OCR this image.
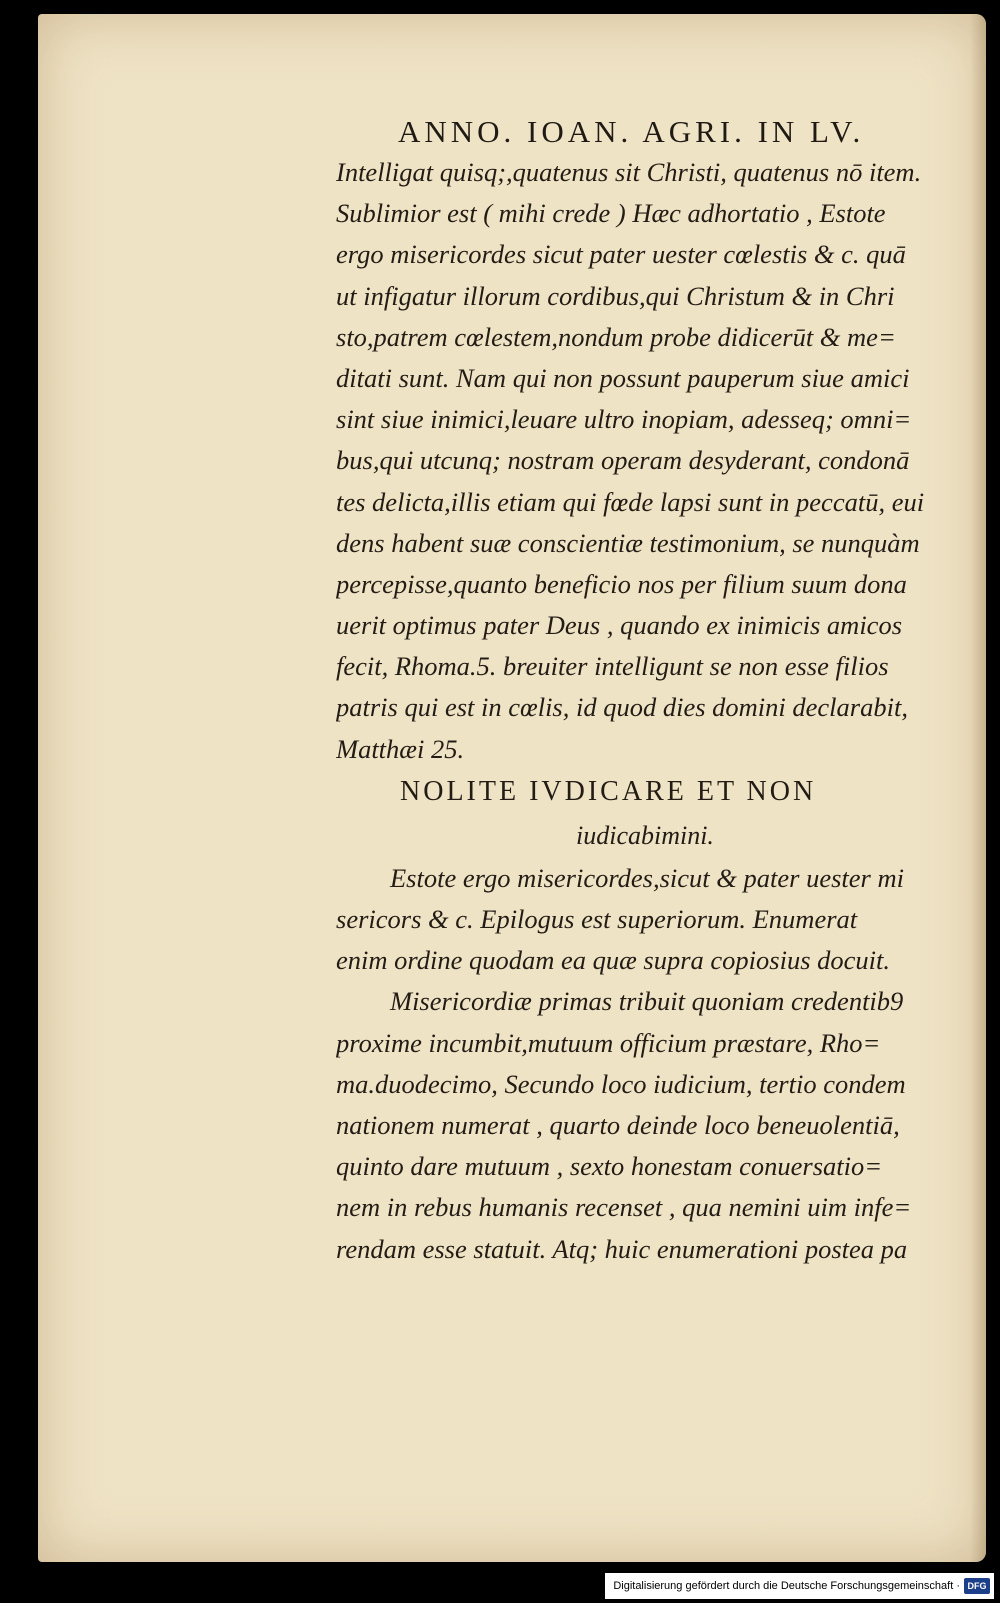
ANNO. IOAN. AGRI. IN LV.
Intelligat quisq;,quatenus sit Christi, quatenus nō item.
Sublimior est ( mihi crede ) Hæc adhortatio , Estote
ergo misericordes sicut pater uester cœlestis & c. quā
ut infigatur illorum cordibus,qui Christum & in Chri
sto,patrem cœlestem,nondum probe didicerūt & me=
ditati sunt. Nam qui non possunt pauperum siue amici
sint siue inimici,leuare ultro inopiam, adesseq; omni=
bus,qui utcunq; nostram operam desyderant, condonā
tes delicta,illis etiam qui fœde lapsi sunt in peccatū, eui
dens habent suæ conscientiæ testimonium, se nunquàm
percepisse,quanto beneficio nos per filium suum dona
uerit optimus pater Deus , quando ex inimicis amicos
fecit, Rhoma.5. breuiter intelligunt se non esse filios
patris qui est in cœlis, id quod dies domini declarabit,
Matthæi 25.
NOLITE IVDICARE ET NON
iudicabimini.
Estote ergo misericordes,sicut & pater uester mi
sericors & c. Epilogus est superiorum. Enumerat
enim ordine quodam ea quæ supra copiosius docuit.
Misericordiæ primas tribuit quoniam credentib9
proxime incumbit,mutuum officium præstare, Rho=
ma.duodecimo, Secundo loco iudicium, tertio condem
nationem numerat , quarto deinde loco beneuolentiā,
quinto dare mutuum , sexto honestam conuersatio=
nem in rebus humanis recenset , qua nemini uim infe=
rendam esse statuit. Atq; huic enumerationi postea pa
Digitalisierung gefördert durch die Deutsche Forschungsgemeinschaft · DFG
